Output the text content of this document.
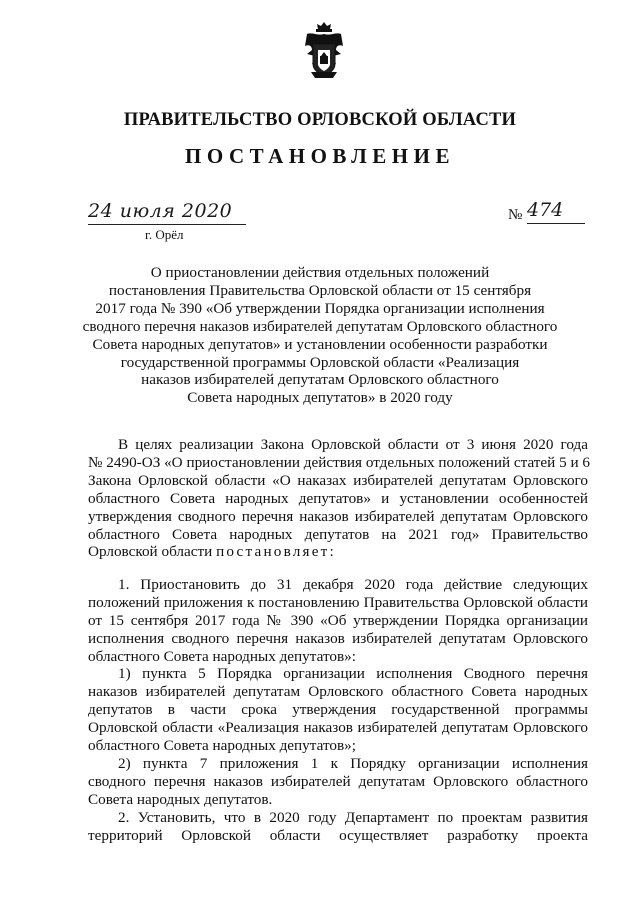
ПРАВИТЕЛЬСТВО ОРЛОВСКОЙ ОБЛАСТИ
ПОСТАНОВЛЕНИЕ
24 июля 2020
г. Орёл
№ 474
О приостановлении действия отдельных положений
постановления Правительства Орловской области от 15 сентября
2017 года № 390 «Об утверждении Порядка организации исполнения
сводного перечня наказов избирателей депутатам Орловского областного
Совета народных депутатов» и установлении особенности разработки
государственной программы Орловской области «Реализация
наказов избирателей депутатам Орловского областного
Совета народных депутатов» в 2020 году
В целях реализации Закона Орловской области от 3 июня 2020 года
№ 2490-ОЗ «О приостановлении действия отдельных положений статей 5 и 6
Закона Орловской области «О наказах избирателей депутатам Орловского
областного Совета народных депутатов» и установлении особенностей
утверждения сводного перечня наказов избирателей депутатам Орловского
областного Совета народных депутатов на 2021 год» Правительство
Орловской области постановляет:
1. Приостановить до 31 декабря 2020 года действие следующих
положений приложения к постановлению Правительства Орловской области
от 15 сентября 2017 года № 390 «Об утверждении Порядка организации
исполнения сводного перечня наказов избирателей депутатам Орловского
областного Совета народных депутатов»:
1) пункта 5 Порядка организации исполнения Сводного перечня
наказов избирателей депутатам Орловского областного Совета народных
депутатов в части срока утверждения государственной программы
Орловской области «Реализация наказов избирателей депутатам Орловского
областного Совета народных депутатов»;
2) пункта 7 приложения 1 к Порядку организации исполнения
сводного перечня наказов избирателей депутатам Орловского областного
Совета народных депутатов.
2. Установить, что в 2020 году Департамент по проектам развития
территорий Орловской области осуществляет разработку проекта
